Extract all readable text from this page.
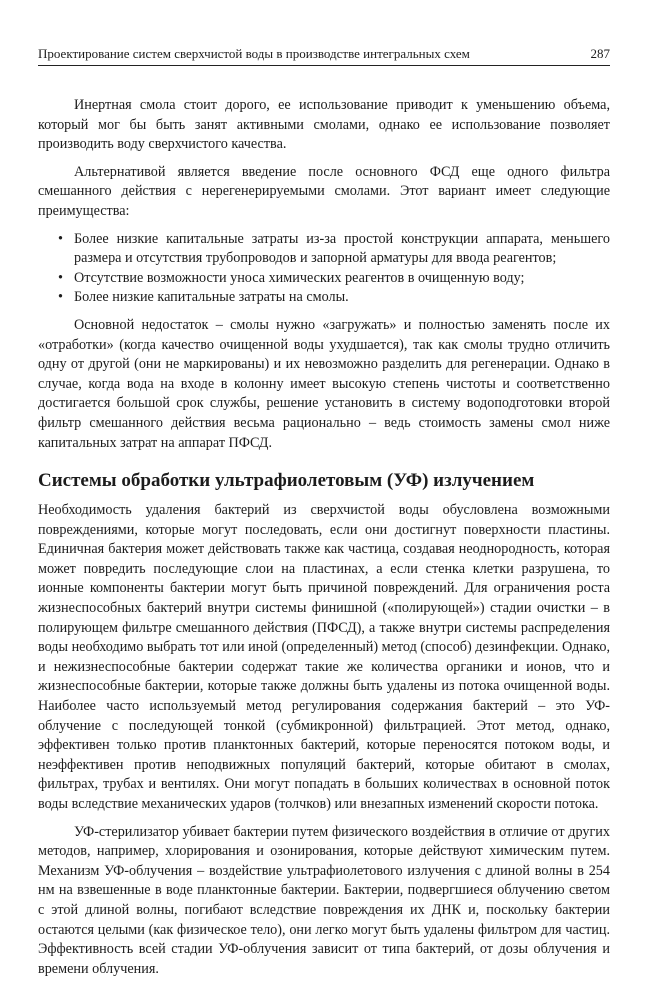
Проектирование систем сверхчистой воды в производстве интегральных схем	287

Инертная смола стоит дорого, ее использование приводит к уменьшению объема, который мог бы быть занят активными смолами, однако ее использование позволяет производить воду сверхчистого качества.

Альтернативой является введение после основного ФСД еще одного фильтра смешанного действия с нерегенерируемыми смолами. Этот вариант имеет следующие преимущества:

• Более низкие капитальные затраты из-за простой конструкции аппарата, меньшего размера и отсутствия трубопроводов и запорной арматуры для ввода реагентов;
• Отсутствие возможности уноса химических реагентов в очищенную воду;
• Более низкие капитальные затраты на смолы.

Основной недостаток – смолы нужно «загружать» и полностью заменять после их «отработки» (когда качество очищенной воды ухудшается), так как смолы трудно отличить одну от другой (они не маркированы) и их невозможно разделить для регенерации. Однако в случае, когда вода на входе в колонну имеет высокую степень чистоты и соответственно достигается большой срок службы, решение установить в систему водоподготовки второй фильтр смешанного действия весьма рационально – ведь стоимость замены смол ниже капитальных затрат на аппарат ПФСД.

Системы обработки ультрафиолетовым (УФ) излучением

Необходимость удаления бактерий из сверхчистой воды обусловлена возможными повреждениями, которые могут последовать, если они достигнут поверхности пластины. Единичная бактерия может действовать также как частица, создавая неоднородность, которая может повредить последующие слои на пластинах, а если стенка клетки разрушена, то ионные компоненты бактерии могут быть причиной повреждений. Для ограничения роста жизнеспособных бактерий внутри системы финишной («полирующей») стадии очистки – в полирующем фильтре смешанного действия (ПФСД), а также внутри системы распределения воды необходимо выбрать тот или иной (определенный) метод (способ) дезинфекции. Однако, и нежизнеспособные бактерии содержат такие же количества органики и ионов, что и жизнеспособные бактерии, которые также должны быть удалены из потока очищенной воды. Наиболее часто используемый метод регулирования содержания бактерий – это УФ-облучение с последующей тонкой (субмикронной) фильтрацией. Этот метод, однако, эффективен только против планктонных бактерий, которые переносятся потоком воды, и неэффективен против неподвижных популяций бактерий, которые обитают в смолах, фильтрах, трубах и вентилях. Они могут попадать в больших количествах в основной поток воды вследствие механических ударов (толчков) или внезапных изменений скорости потока.

УФ-стерилизатор убивает бактерии путем физического воздействия в отличие от других методов, например, хлорирования и озонирования, которые действуют химическим путем. Механизм УФ-облучения – воздействие ультрафиолетового излучения с длиной волны в 254 нм на взвешенные в воде планктонные бактерии. Бактерии, подвергшиеся облучению светом с этой длиной волны, погибают вследствие повреждения их ДНК и, поскольку бактерии остаются целыми (как физическое тело), они легко могут быть удалены фильтром для частиц. Эффективность всей стадии УФ-облучения зависит от типа бактерий, от дозы облучения и времени облучения.
